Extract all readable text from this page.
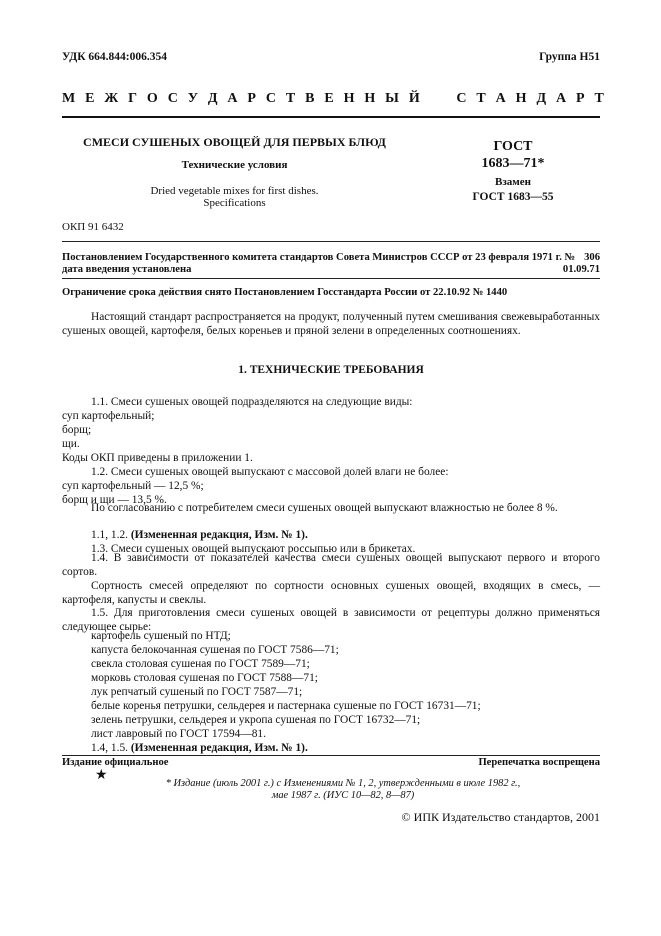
УДК 664.844:006.354	Группа Н51
М Е Ж Г О С У Д А Р С Т В Е Н Н Ы Й     С Т А Н Д А Р Т
СМЕСИ СУШЕНЫХ ОВОЩЕЙ ДЛЯ ПЕРВЫХ БЛЮД
Технические условия
Dried vegetable mixes for first dishes.
Specifications
ГОСТ
1683—71*
Взамен
ГОСТ 1683—55
ОКП 91 6432
Постановлением Государственного комитета стандартов Совета Министров СССР от 23 февраля 1971 г. № 306
дата введения установлена	01.09.71
Ограничение срока действия снято Постановлением Госстандарта России от 22.10.92 № 1440

Настоящий стандарт распространяется на продукт, полученный путем смешивания свежевыработанных сушеных овощей, картофеля, белых кореньев и пряной зелени в определенных соотношениях.

1. ТЕХНИЧЕСКИЕ ТРЕБОВАНИЯ
1.1. Смеси сушеных овощей подразделяются на следующие виды:
суп картофельный;
борщ;
щи.
Коды ОКП приведены в приложении 1.
1.2. Смеси сушеных овощей выпускают с массовой долей влаги не более:
суп картофельный — 12,5 %;
борщ и щи — 13,5 %.

По согласованию с потребителем смеси сушеных овощей выпускают влажностью не более 8 %.

1.1, 1.2. (Измененная редакция, Изм. № 1).
1.3. Смеси сушеных овощей выпускают россыпью или в брикетах.

1.4. В зависимости от показателей качества смеси сушеных овощей выпускают первого и второго сортов.

Сортность смесей определяют по сортности основных сушеных овощей, входящих в смесь, — картофеля, капусты и свеклы.

1.5. Для приготовления смеси сушеных овощей в зависимости от рецептуры должно применяться следующее сырье:

картофель сушеный по НТД;
капуста белокочанная сушеная по ГОСТ 7586—71;
свекла столовая сушеная по ГОСТ 7589—71;
морковь столовая сушеная по ГОСТ 7588—71;
лук репчатый сушеный по ГОСТ 7587—71;
белые коренья петрушки, сельдерея и пастернака сушеные по ГОСТ 16731—71;
зелень петрушки, сельдерея и укропа сушеная по ГОСТ 16732—71;
лист лавровый по ГОСТ 17594—81.
1.4, 1.5. (Измененная редакция, Изм. № 1).
Издание официальное	Перепечатка воспрещена
★
* Издание (июль 2001 г.) с Изменениями № 1, 2, утвержденными в июле 1982 г.,
мае 1987 г. (ИУС 10—82, 8—87)
© ИПК Издательство стандартов, 2001
